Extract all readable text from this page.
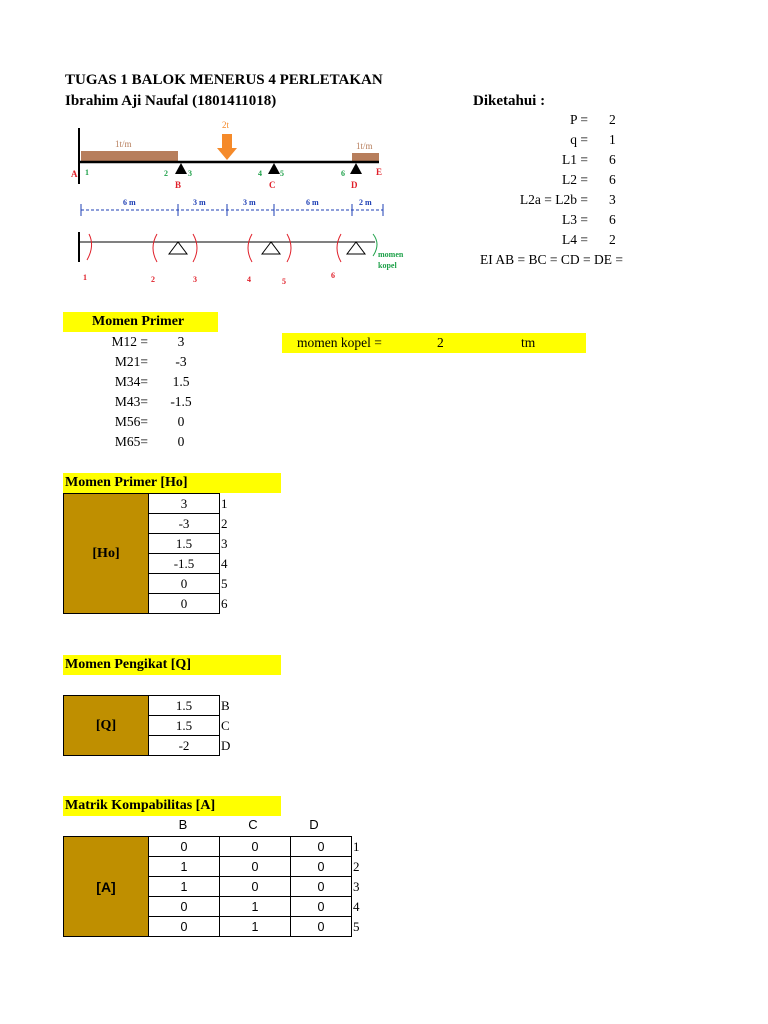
TUGAS 1 BALOK MENERUS 4 PERLETAKAN
Ibrahim Aji Naufal (1801411018)	Diketahui :
P = 2
q = 1
L1 = 6
L2 = 6
L2a = L2b = 3
L3 = 6
L4 = 2
EI AB = BC = CD = DE =
1t/m	1t/m
2t
A
B	C	D
E
1	2	3	4 5	6
6 m	3 m	3 m	6 m	2 m
1	2	3	4	5
6
momen
kopel
Momen Primer
M12 =	3
M21=	-3
M34=	1.5
M43=	-1.5
M56=	0
M65=	0
momen kopel =	2	tm
Momen Primer [Ho]
[Ho]	3	1
	-3	2
	1.5	3
	-1.5	4
	0	5
	0	6
Momen Pengikat [Q]
[Q]	1.5	B
	1.5	C
	-2	D
Matrik Kompabilitas [A]
B	C	D
[A]	0	0	0	1
	1	0	0	2
	1	0	0	3
	0	1	0	4
	0	1	0	5
